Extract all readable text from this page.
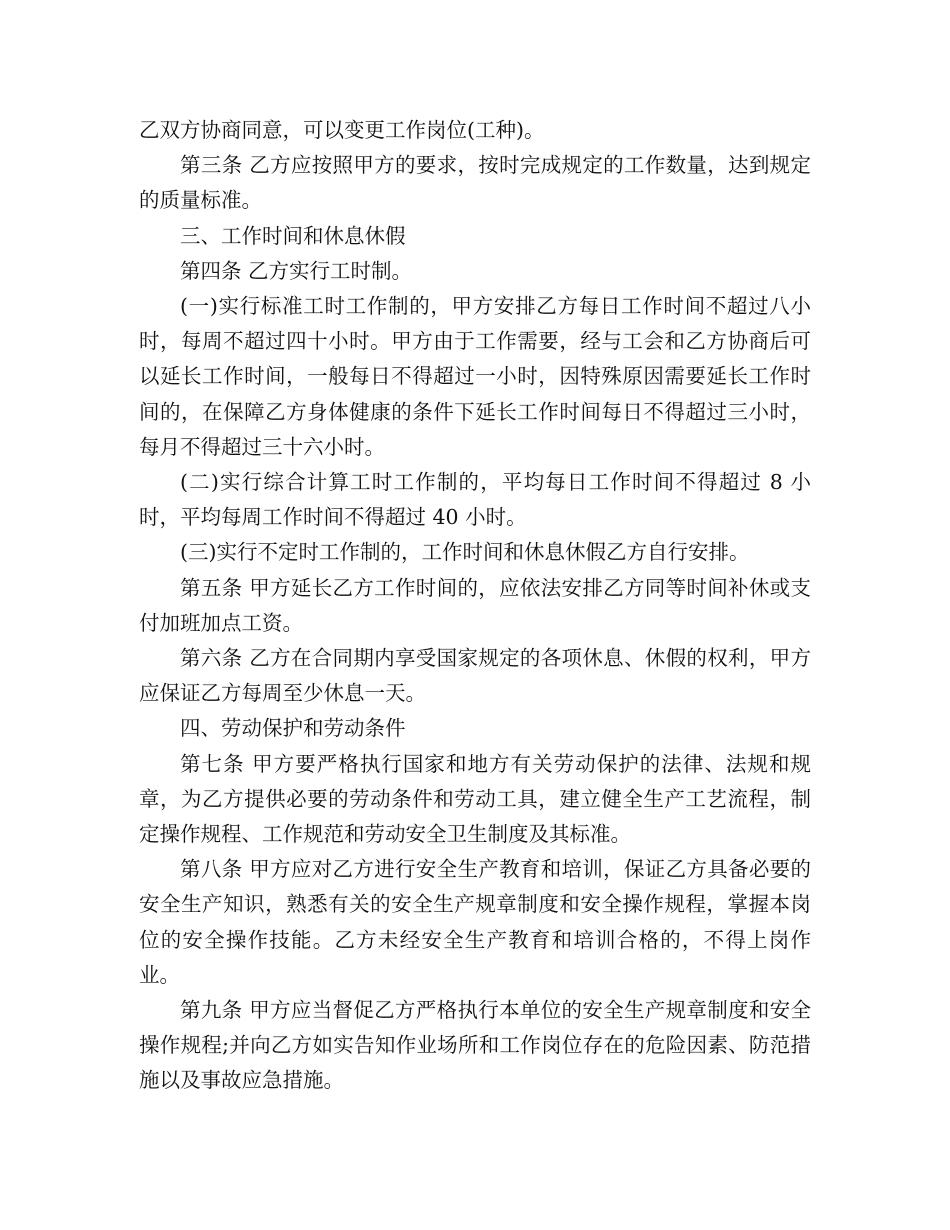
乙双方协商同意，可以变更工作岗位(工种)。

第三条 乙方应按照甲方的要求，按时完成规定的工作数量，达到规定的质量标准。

三、工作时间和休息休假

第四条 乙方实行工时制。

(一)实行标准工时工作制的，甲方安排乙方每日工作时间不超过八小时，每周不超过四十小时。甲方由于工作需要，经与工会和乙方协商后可以延长工作时间，一般每日不得超过一小时，因特殊原因需要延长工作时间的，在保障乙方身体健康的条件下延长工作时间每日不得超过三小时，每月不得超过三十六小时。

(二)实行综合计算工时工作制的，平均每日工作时间不得超过 8 小时，平均每周工作时间不得超过 40 小时。

(三)实行不定时工作制的，工作时间和休息休假乙方自行安排。

第五条 甲方延长乙方工作时间的，应依法安排乙方同等时间补休或支付加班加点工资。

第六条 乙方在合同期内享受国家规定的各项休息、休假的权利，甲方应保证乙方每周至少休息一天。

四、劳动保护和劳动条件

第七条 甲方要严格执行国家和地方有关劳动保护的法律、法规和规章，为乙方提供必要的劳动条件和劳动工具，建立健全生产工艺流程，制定操作规程、工作规范和劳动安全卫生制度及其标准。

第八条 甲方应对乙方进行安全生产教育和培训，保证乙方具备必要的安全生产知识，熟悉有关的安全生产规章制度和安全操作规程，掌握本岗位的安全操作技能。乙方未经安全生产教育和培训合格的，不得上岗作业。

第九条 甲方应当督促乙方严格执行本单位的安全生产规章制度和安全操作规程;并向乙方如实告知作业场所和工作岗位存在的危险因素、防范措施以及事故应急措施。
